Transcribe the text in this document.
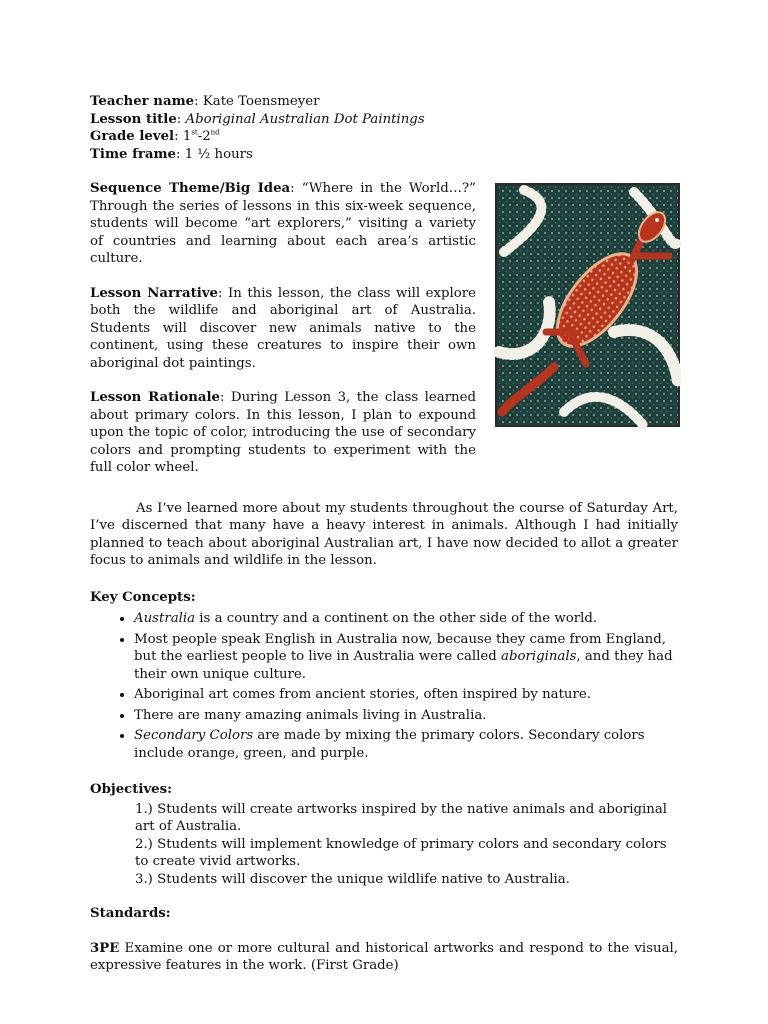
Teacher name: Kate Toensmeyer

Lesson title: Aboriginal Australian Dot Paintings

Grade level: 1st-2nd

Time frame: 1 ½ hours

Sequence Theme/Big Idea: “Where in the World…?” Through the series of lessons in this six-week sequence, students will become “art explorers,” visiting a variety of countries and learning about each area’s artistic culture.

Lesson Narrative: In this lesson, the class will explore both the wildlife and aboriginal art of Australia. Students will discover new animals native to the continent, using these creatures to inspire their own aboriginal dot paintings.

Lesson Rationale: During Lesson 3, the class learned about primary colors. In this lesson, I plan to expound upon the topic of color, introducing the use of secondary colors and prompting students to experiment with the full color wheel.

As I’ve learned more about my students throughout the course of Saturday Art, I’ve discerned that many have a heavy interest in animals. Although I had initially planned to teach about aboriginal Australian art, I have now decided to allot a greater focus to animals and wildlife in the lesson.

Key Concepts:
• Australia is a country and a continent on the other side of the world.
• Most people speak English in Australia now, because they came from England, but the earliest people to live in Australia were called aboriginals, and they had their own unique culture.
• Aboriginal art comes from ancient stories, often inspired by nature.
• There are many amazing animals living in Australia.
• Secondary Colors are made by mixing the primary colors. Secondary colors include orange, green, and purple.
Objectives:

1.) Students will create artworks inspired by the native animals and aboriginal art of Australia.

2.) Students will implement knowledge of primary colors and secondary colors to create vivid artworks.

3.) Students will discover the unique wildlife native to Australia.

Standards:

3PE Examine one or more cultural and historical artworks and respond to the visual, expressive features in the work. (First Grade)
